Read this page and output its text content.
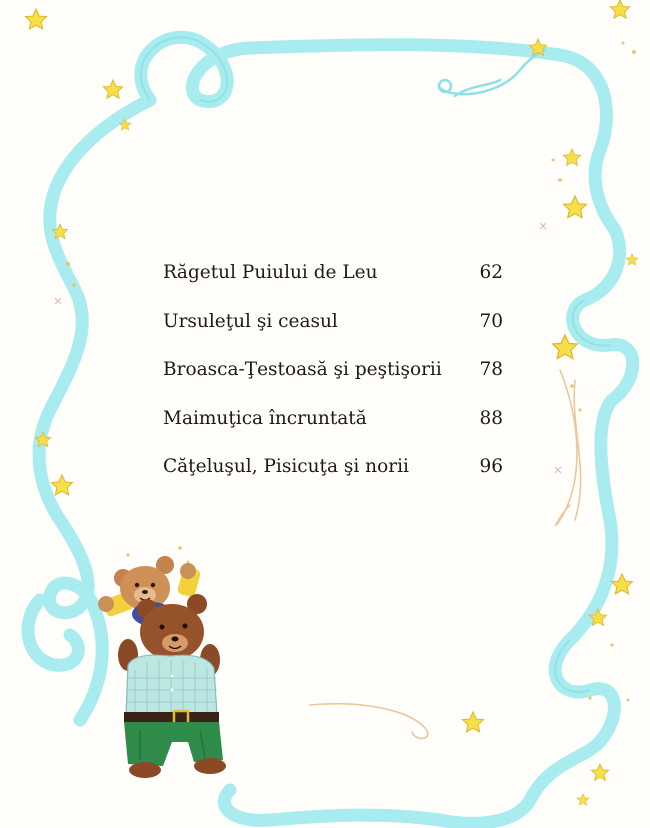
Răgetul Puiului de Leu	62
Ursuleţul şi ceasul	70
Broasca-Ţestoasă şi peştişorii	78
Maimuţica încruntată	88
Căţeluşul, Pisicuţa şi norii	96
